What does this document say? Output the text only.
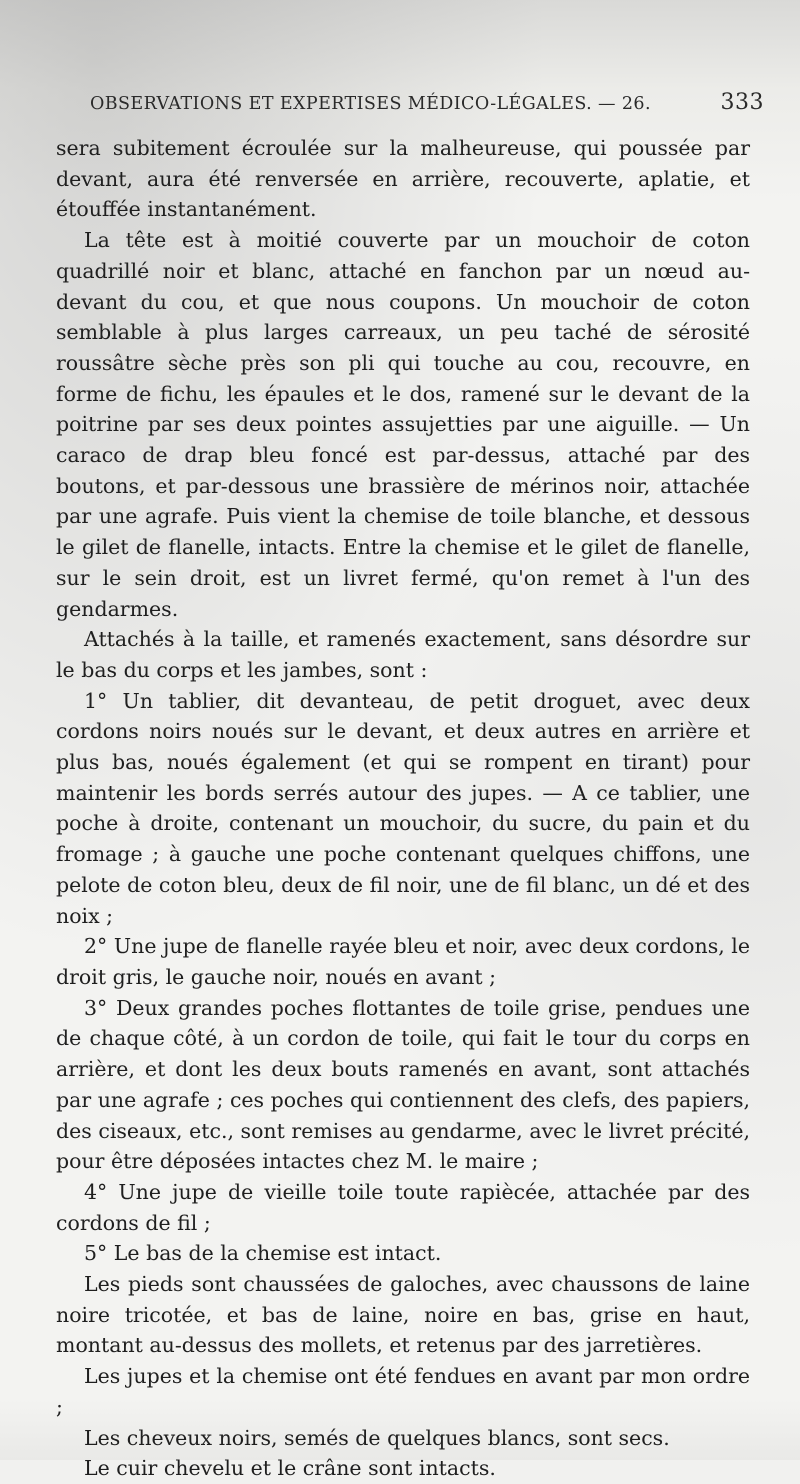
OBSERVATIONS ET EXPERTISES MÉDICO-LÉGALES. — 26.	333

sera subitement écroulée sur la malheureuse, qui poussée par devant, aura été renversée en arrière, recouverte, aplatie, et étouffée instantanément.

La tête est à moitié couverte par un mouchoir de coton quadrillé noir et blanc, attaché en fanchon par un nœud au-devant du cou, et que nous coupons. Un mouchoir de coton semblable à plus larges carreaux, un peu taché de sérosité roussâtre sèche près son pli qui touche au cou, recouvre, en forme de fichu, les épaules et le dos, ramené sur le devant de la poitrine par ses deux pointes assujetties par une aiguille. — Un caraco de drap bleu foncé est par-dessus, attaché par des boutons, et par-dessous une brassière de mérinos noir, attachée par une agrafe. Puis vient la chemise de toile blanche, et dessous le gilet de flanelle, intacts. Entre la chemise et le gilet de flanelle, sur le sein droit, est un livret fermé, qu'on remet à l'un des gendarmes.

Attachés à la taille, et ramenés exactement, sans désordre sur le bas du corps et les jambes, sont :

1° Un tablier, dit devanteau, de petit droguet, avec deux cordons noirs noués sur le devant, et deux autres en arrière et plus bas, noués également (et qui se rompent en tirant) pour maintenir les bords serrés autour des jupes. — A ce tablier, une poche à droite, contenant un mouchoir, du sucre, du pain et du fromage ; à gauche une poche contenant quelques chiffons, une pelote de coton bleu, deux de fil noir, une de fil blanc, un dé et des noix ;

2° Une jupe de flanelle rayée bleu et noir, avec deux cordons, le droit gris, le gauche noir, noués en avant ;

3° Deux grandes poches flottantes de toile grise, pendues une de chaque côté, à un cordon de toile, qui fait le tour du corps en arrière, et dont les deux bouts ramenés en avant, sont attachés par une agrafe ; ces poches qui contiennent des clefs, des papiers, des ciseaux, etc., sont remises au gendarme, avec le livret précité, pour être déposées intactes chez M. le maire ;

4° Une jupe de vieille toile toute rapiècée, attachée par des cordons de fil ;

5° Le bas de la chemise est intact.

Les pieds sont chaussées de galoches, avec chaussons de laine noire tricotée, et bas de laine, noire en bas, grise en haut, montant au-dessus des mollets, et retenus par des jarretières.

Les jupes et la chemise ont été fendues en avant par mon ordre ;

Les cheveux noirs, semés de quelques blancs, sont secs.

Le cuir chevelu et le crâne sont intacts.
